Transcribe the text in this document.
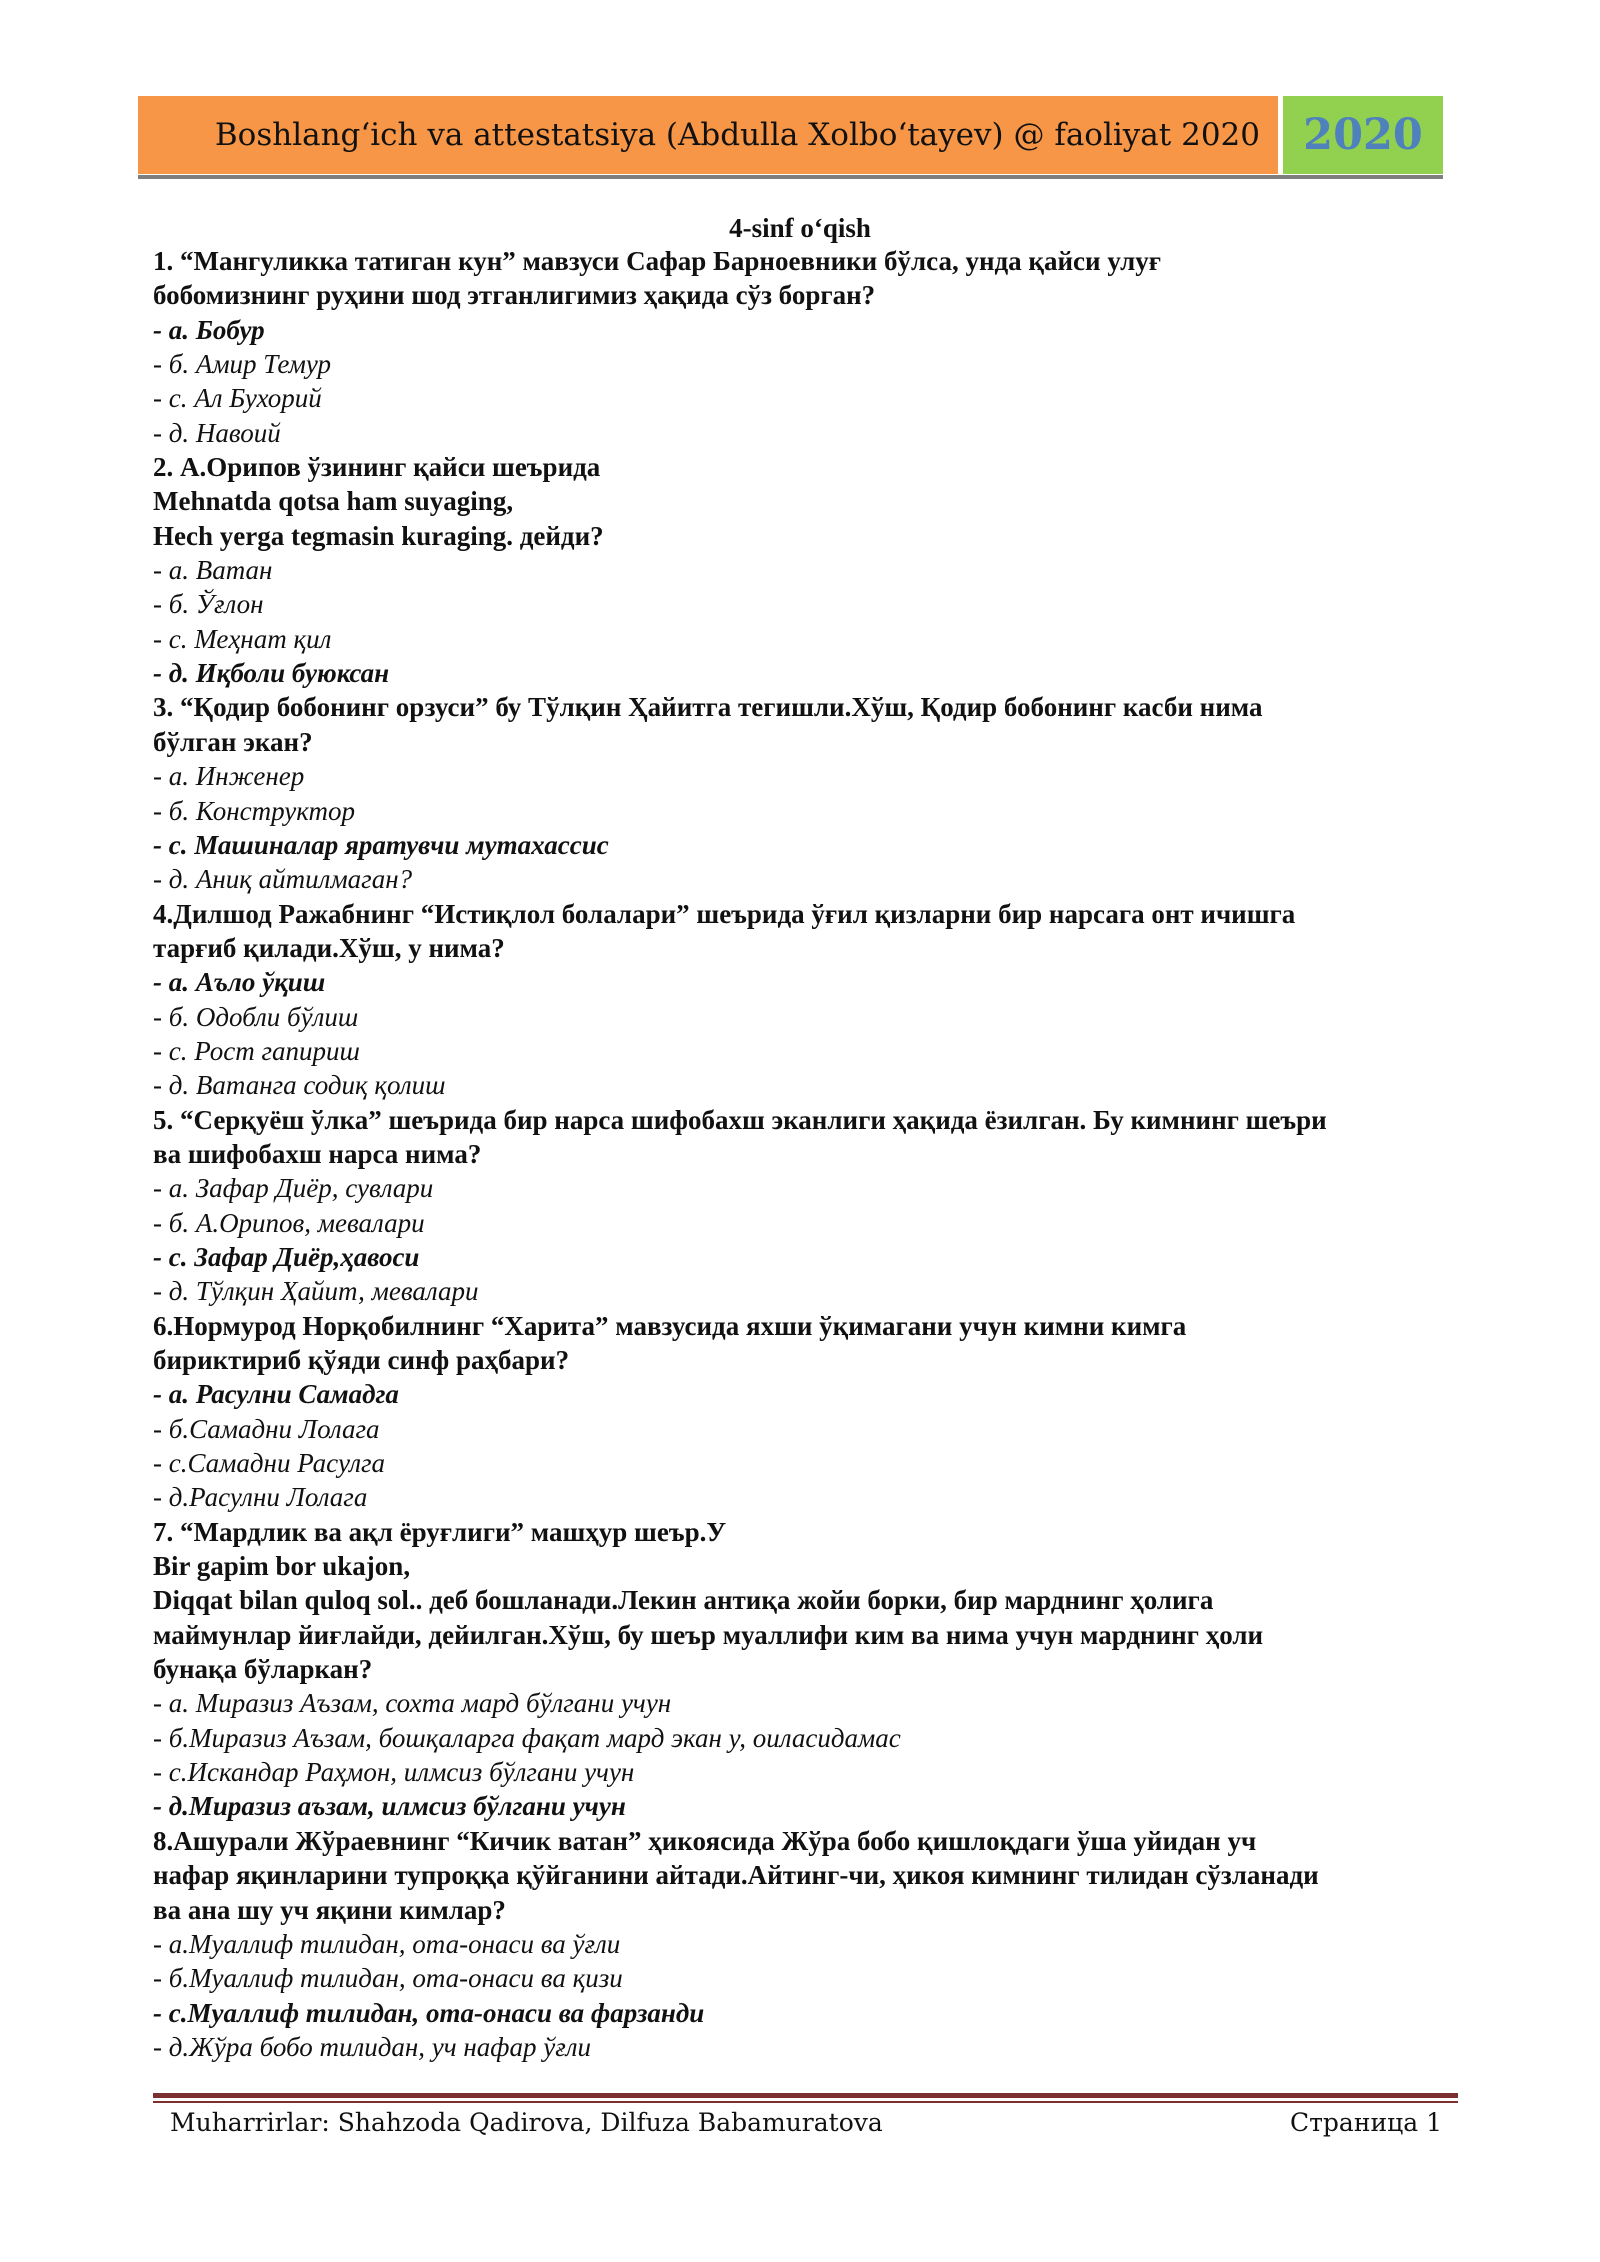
Boshlang‘ich va attestatsiya (Abdulla Xolbo‘tayev) @ faoliyat 2020 2020
4-sinf o‘qish
1. “Мангуликка татиган кун” мавзуси Сафар Барноевники бўлса, унда қайси улуғ
бобомизнинг руҳини шод этганлигимиз ҳақида сўз борган?
- а. Бобур
- б. Амир Темур
- с. Ал Бухорий
- д. Навоий
2. А.Орипов ўзининг қайси шеърида
Mehnatda qotsa ham suyaging,
Hech yerga tegmasin kuraging. дейди?
- а. Ватан
- б. Ўғлон
- с. Меҳнат қил
- д. Иқболи буюксан
3. “Қодир бобонинг орзуси” бу Тўлқин Ҳайитга тегишли.Хўш, Қодир бобонинг касби нима
бўлган экан?
- а. Инженер
- б. Конструктор
- с. Машиналар яратувчи мутахассис
- д. Аниқ айтилмаган?
4.Дилшод Ражабнинг “Истиқлол болалари” шеърида ўғил қизларни бир нарсага онт ичишга
тарғиб қилади.Хўш, у нима?
- а. Аъло ўқиш
- б. Одобли бўлиш
- с. Рост гапириш
- д. Ватанга содиқ қолиш
5. “Серқуёш ўлка” шеърида бир нарса шифобахш эканлиги ҳақида ёзилган. Бу кимнинг шеъри
ва шифобахш нарса нима?
- а. Зафар Диёр, сувлари
- б. А.Орипов, мевалари
- с. Зафар Диёр,ҳавоси
- д. Тўлқин Ҳайит, мевалари
6.Нормурод Норқобилнинг “Харита” мавзусида яхши ўқимагани учун кимни кимга
бириктириб қўяди синф раҳбари?
- а. Расулни Самадга
- б.Самадни Лолага
- с.Самадни Расулга
- д.Расулни Лолага
7. “Мардлик ва ақл ёруғлиги” машҳур шеър.У
Bir gapim bor ukajon,
Diqqat bilan quloq sol.. деб бошланади.Лекин антиқа жойи борки, бир марднинг ҳолига
маймунлар йиғлайди, дейилган.Хўш, бу шеър муаллифи ким ва нима учун марднинг ҳоли
бунақа бўларкан?
- а. Миразиз Аъзам, сохта мард бўлгани учун
- б.Миразиз Аъзам, бошқаларга фақат мард экан у, оиласидамас
- с.Искандар Раҳмон, илмсиз бўлгани учун
- д.Миразиз аъзам, илмсиз бўлгани учун
8.Ашурали Жўраевнинг “Кичик ватан” ҳикоясида Жўра бобо қишлоқдаги ўша уйидан уч
нафар яқинларини тупроққа қўйганини айтади.Айтинг-чи, ҳикоя кимнинг тилидан сўзланади
ва ана шу уч яқини кимлар?
- а.Муаллиф тилидан, ота-онаси ва ўғли
- б.Муаллиф тилидан, ота-онаси ва қизи
- с.Муаллиф тилидан, ота-онаси ва фарзанди
- д.Жўра бобо тилидан, уч нафар ўғли
Muharrirlar: Shahzoda Qadirova, Dilfuza Babamuratova	Страница 1
